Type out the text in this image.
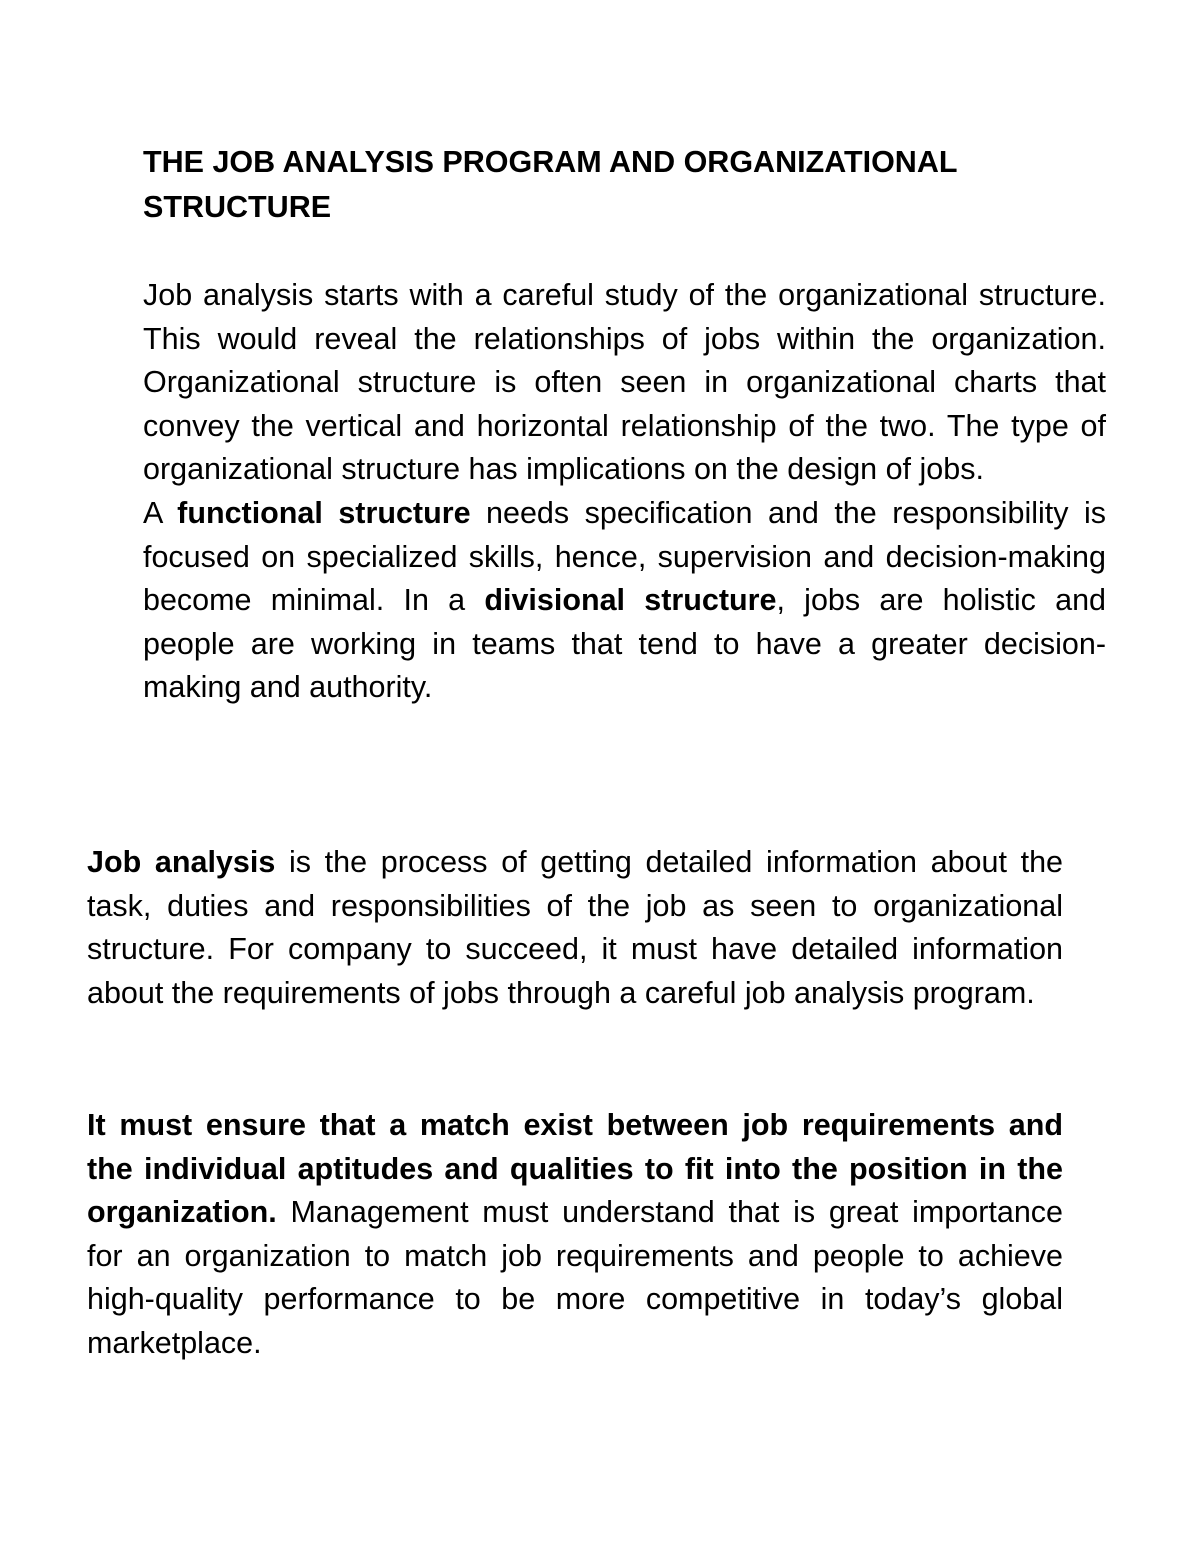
THE JOB ANALYSIS PROGRAM AND ORGANIZATIONAL STRUCTURE

Job analysis starts with a careful study of the organizational structure. This would reveal the relationships of jobs within the organization. Organizational structure is often seen in organizational charts that convey the vertical and horizontal relationship of the two. The type of organizational structure has implications on the design of jobs.
A functional structure needs specification and the responsibility is focused on specialized skills, hence, supervision and decision-making become minimal. In a divisional structure, jobs are holistic and people are working in teams that tend to have a greater decision-making and authority.

Job analysis is the process of getting detailed information about the task, duties and responsibilities of the job as seen to organizational structure. For company to succeed, it must have detailed information about the requirements of jobs through a careful job analysis program.

It must ensure that a match exist between job requirements and the individual aptitudes and qualities to fit into the position in the organization. Management must understand that is great importance for an organization to match job requirements and people to achieve high-quality performance to be more competitive in today’s global marketplace.
